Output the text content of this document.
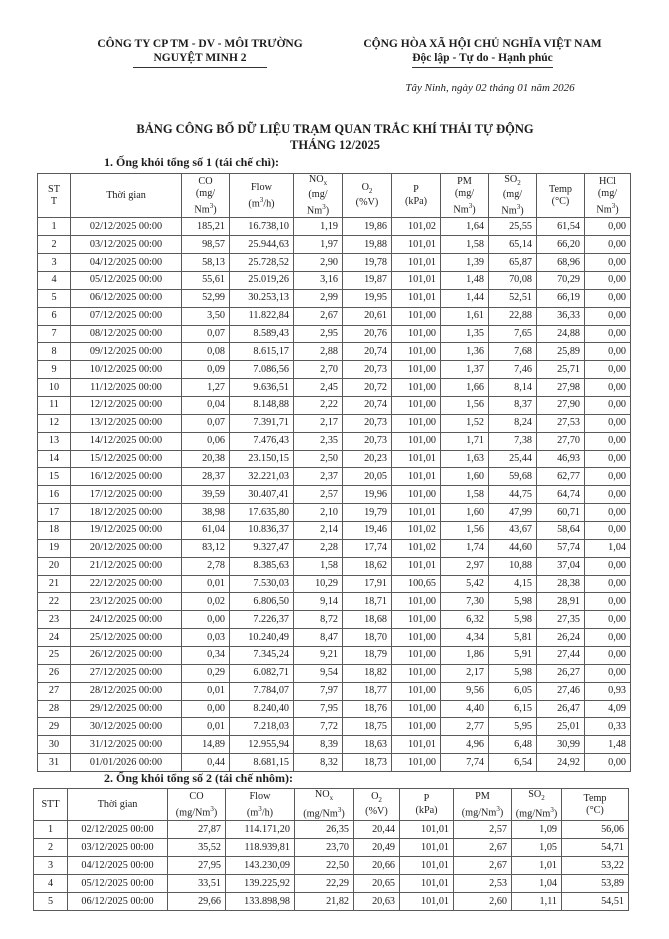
CÔNG TY CP TM - DV - MÔI TRƯỜNG
NGUYỆT MINH 2
CỘNG HÒA XÃ HỘI CHỦ NGHĨA VIỆT NAM
Độc lập - Tự do - Hạnh phúc
Tây Ninh, ngày 02 tháng 01 năm 2026
BẢNG CÔNG BỐ DỮ LIỆU TRẠM QUAN TRẮC KHÍ THẢI TỰ ĐỘNG
THÁNG 12/2025
1. Ống khói tổng số 1 (tái chế chì):
ST
T	Thời gian	CO
(mg/
Nm$^3$)	Flow
$(m^3/h)$	$NO_x$
(mg/
Nm$^3$)	$O_2$
(%V)	P
(kPa)	PM
(mg/
Nm$^3$)	$SO_2$
(mg/
Nm$^3$)	Temp
(°C)	HCl
(mg/
Nm$^3$)
1	02/12/2025 00:00	185,21	16.738,10	1,19	19,86	101,02	1,64	25,55	61,54	0,00
2	03/12/2025 00:00	98,57	25.944,63	1,97	19,88	101,01	1,58	65,14	66,20	0,00
3	04/12/2025 00:00	58,13	25.728,52	2,90	19,78	101,01	1,39	65,87	68,96	0,00
4	05/12/2025 00:00	55,61	25.019,26	3,16	19,87	101,01	1,48	70,08	70,29	0,00
5	06/12/2025 00:00	52,99	30.253,13	2,99	19,95	101,01	1,44	52,51	66,19	0,00
6	07/12/2025 00:00	3,50	11.822,84	2,67	20,61	101,00	1,61	22,88	36,33	0,00
7	08/12/2025 00:00	0,07	8.589,43	2,95	20,76	101,00	1,35	7,65	24,88	0,00
8	09/12/2025 00:00	0,08	8.615,17	2,88	20,74	101,00	1,36	7,68	25,89	0,00
9	10/12/2025 00:00	0,09	7.086,56	2,70	20,73	101,00	1,37	7,46	25,71	0,00
10	11/12/2025 00:00	1,27	9.636,51	2,45	20,72	101,00	1,66	8,14	27,98	0,00
11	12/12/2025 00:00	0,04	8.148,88	2,22	20,74	101,00	1,56	8,37	27,90	0,00
12	13/12/2025 00:00	0,07	7.391,71	2,17	20,73	101,00	1,52	8,24	27,53	0,00
13	14/12/2025 00:00	0,06	7.476,43	2,35	20,73	101,00	1,71	7,38	27,70	0,00
14	15/12/2025 00:00	20,38	23.150,15	2,50	20,23	101,01	1,63	25,44	46,93	0,00
15	16/12/2025 00:00	28,37	32.221,03	2,37	20,05	101,01	1,60	59,68	62,77	0,00
16	17/12/2025 00:00	39,59	30.407,41	2,57	19,96	101,00	1,58	44,75	64,74	0,00
17	18/12/2025 00:00	38,98	17.635,80	2,10	19,79	101,01	1,60	47,99	60,71	0,00
18	19/12/2025 00:00	61,04	10.836,37	2,14	19,46	101,02	1,56	43,67	58,64	0,00
19	20/12/2025 00:00	83,12	9.327,47	2,28	17,74	101,02	1,74	44,60	57,74	1,04
20	21/12/2025 00:00	2,78	8.385,63	1,58	18,62	101,01	2,97	10,88	37,04	0,00
21	22/12/2025 00:00	0,01	7.530,03	10,29	17,91	100,65	5,42	4,15	28,38	0,00
22	23/12/2025 00:00	0,02	6.806,50	9,14	18,71	101,00	7,30	5,98	28,91	0,00
23	24/12/2025 00:00	0,00	7.226,37	8,72	18,68	101,00	6,32	5,98	27,35	0,00
24	25/12/2025 00:00	0,03	10.240,49	8,47	18,70	101,00	4,34	5,81	26,24	0,00
25	26/12/2025 00:00	0,34	7.345,24	9,21	18,79	101,00	1,86	5,91	27,44	0,00
26	27/12/2025 00:00	0,29	6.082,71	9,54	18,82	101,00	2,17	5,98	26,27	0,00
27	28/12/2025 00:00	0,01	7.784,07	7,97	18,77	101,00	9,56	6,05	27,46	0,93
28	29/12/2025 00:00	0,00	8.240,40	7,95	18,76	101,00	4,40	6,15	26,47	4,09
29	30/12/2025 00:00	0,01	7.218,03	7,72	18,75	101,00	2,77	5,95	25,01	0,33
30	31/12/2025 00:00	14,89	12.955,94	8,39	18,63	101,01	4,96	6,48	30,99	1,48
31	01/01/2026 00:00	0,44	8.681,15	8,32	18,73	101,00	7,74	6,54	24,92	0,00
2. Ống khói tổng số 2 (tái chế nhôm):
STT	Thời gian	CO
(mg/Nm$^3$)	Flow
$(m^3/h)$	$NO_x$
(mg/Nm$^3$)	$O_2$
(%V)	P
(kPa)	PM
(mg/Nm$^3$)	$SO_2$
(mg/Nm$^3$)	Temp
(°C)
1	02/12/2025 00:00	27,87	114.171,20	26,35	20,44	101,01	2,57	1,09	56,06
2	03/12/2025 00:00	35,52	118.939,81	23,70	20,49	101,01	2,67	1,05	54,71
3	04/12/2025 00:00	27,95	143.230,09	22,50	20,66	101,01	2,67	1,01	53,22
4	05/12/2025 00:00	33,51	139.225,92	22,29	20,65	101,01	2,53	1,04	53,89
5	06/12/2025 00:00	29,66	133.898,98	21,82	20,63	101,01	2,60	1,11	54,51
